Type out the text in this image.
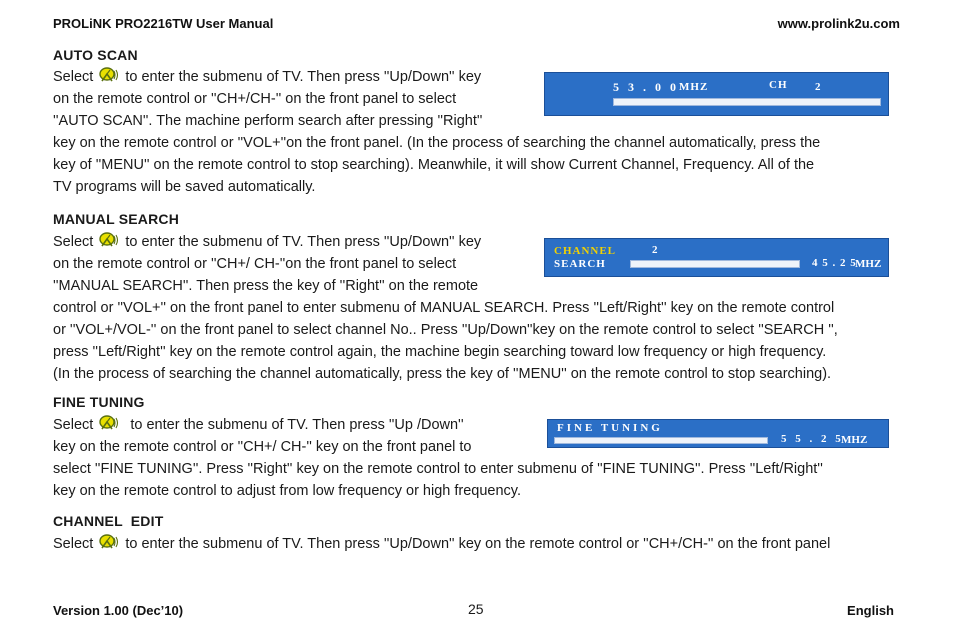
PROLiNK PRO2216TW User Manual	www.prolink2u.com
AUTO SCAN
Select to enter the submenu of TV. Then press ''Up/Down'' key
on the remote control or ''CH+/CH-'' on the front panel to select
''AUTO SCAN''. The machine perform search after pressing ''Right''
key on the remote control or ''VOL+''on the front panel. (In the process of searching the channel automatically, press the
key of ''MENU'' on the remote control to stop searching). Meanwhile, it will show Current Channel, Frequency. All of the
TV programs will be saved automatically.
5 3 . 0 0 MHZ	CH	2
MANUAL SEARCH
Select to enter the submenu of TV. Then press ''Up/Down'' key
on the remote control or ''CH+/ CH-''on the front panel to select
''MANUAL SEARCH''. Then press the key of ''Right'' on the remote
control or ''VOL+'' on the front panel to enter submenu of MANUAL SEARCH. Press ''Left/Right'' key on the remote control
or ''VOL+/VOL-'' on the front panel to select channel No.. Press ''Up/Down''key on the remote control to select ''SEARCH '',
press ''Left/Right'' key on the remote control again, the machine begin searching toward low frequency or high frequency.
(In the process of searching the channel automatically, press the key of ''MENU'' on the remote control to stop searching).
CHANNEL	2
SEARCH	4 5 . 2 5
MHZ
FINE TUNING
Select	to enter the submenu of TV. Then press ''Up /Down''
key on the remote control or ''CH+/ CH-'' key on the front panel to
select ''FINE TUNING''. Press ''Right'' key on the remote control to enter submenu of ''FINE TUNING''. Press ''Left/Right''
key on the remote control to adjust from low frequency or high frequency.
FINE TUNING
5 5 . 2 5
MHZ
CHANNEL  EDIT
Select to enter the submenu of TV. Then press ''Up/Down'' key on the remote control or ''CH+/CH-'' on the front panel
Version 1.00 (Dec’10)	25	English
